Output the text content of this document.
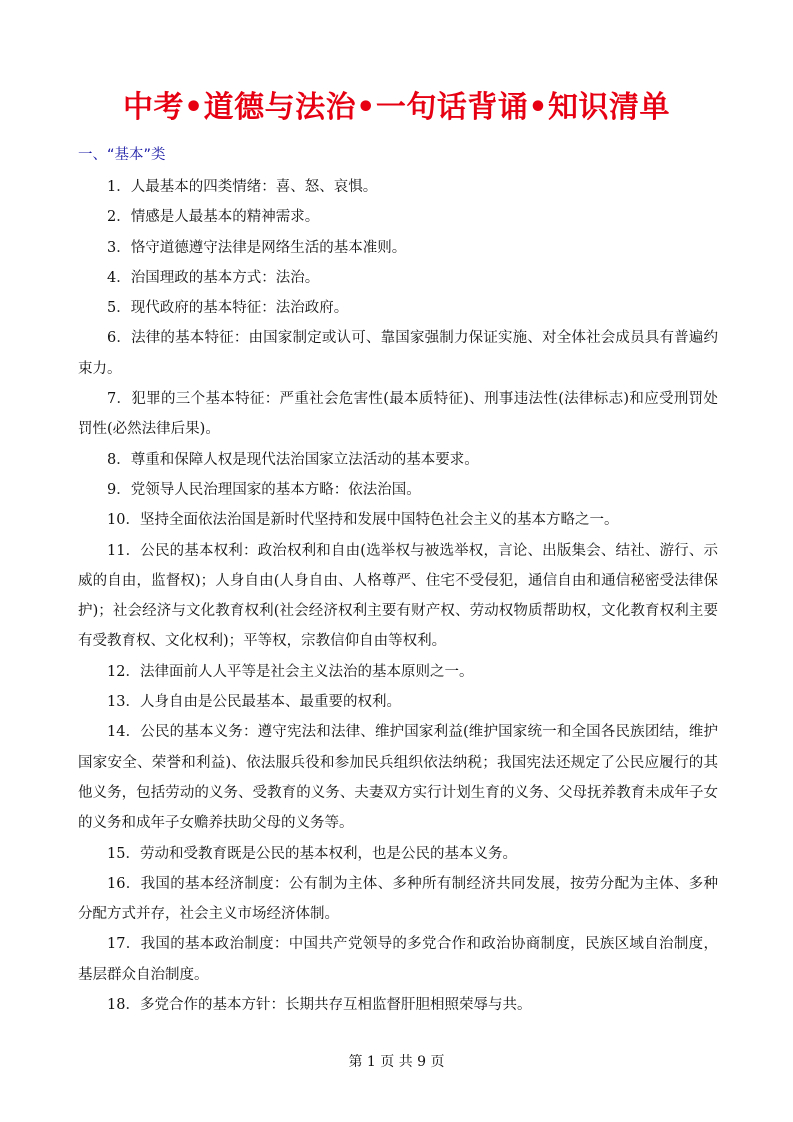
中考•道德与法治•一句话背诵•知识清单
一、“基本”类

1．人最基本的四类情绪：喜、怒、哀惧。

2．情感是人最基本的精神需求。

3．恪守道德遵守法律是网络生活的基本准则。

4．治国理政的基本方式：法治。

5．现代政府的基本特征：法治政府。

6．法律的基本特征：由国家制定或认可、靠国家强制力保证实施、对全体社会成员具有普遍约束力。

7．犯罪的三个基本特征：严重社会危害性(最本质特征)、刑事违法性(法律标志)和应受刑罚处罚性(必然法律后果)。

8．尊重和保障人权是现代法治国家立法活动的基本要求。

9．党领导人民治理国家的基本方略：依法治国。

10．坚持全面依法治国是新时代坚持和发展中国特色社会主义的基本方略之一。

11．公民的基本权利：政治权利和自由(选举权与被选举权，言论、出版集会、结社、游行、示威的自由，监督权)；人身自由(人身自由、人格尊严、住宅不受侵犯，通信自由和通信秘密受法律保护)；社会经济与文化教育权利(社会经济权利主要有财产权、劳动权物质帮助权，文化教育权利主要有受教育权、文化权利)；平等权，宗教信仰自由等权利。

12．法律面前人人平等是社会主义法治的基本原则之一。

13．人身自由是公民最基本、最重要的权利。

14．公民的基本义务：遵守宪法和法律、维护国家利益(维护国家统一和全国各民族团结，维护国家安全、荣誉和利益)、依法服兵役和参加民兵组织依法纳税；我国宪法还规定了公民应履行的其他义务，包括劳动的义务、受教育的义务、夫妻双方实行计划生育的义务、父母抚养教育未成年子女的义务和成年子女赡养扶助父母的义务等。

15．劳动和受教育既是公民的基本权利，也是公民的基本义务。

16．我国的基本经济制度：公有制为主体、多种所有制经济共同发展，按劳分配为主体、多种分配方式并存，社会主义市场经济体制。

17．我国的基本政治制度：中国共产党领导的多党合作和政治协商制度，民族区域自治制度，基层群众自治制度。

18．多党合作的基本方针：长期共存互相监督肝胆相照荣辱与共。

第 1 页 共 9 页
